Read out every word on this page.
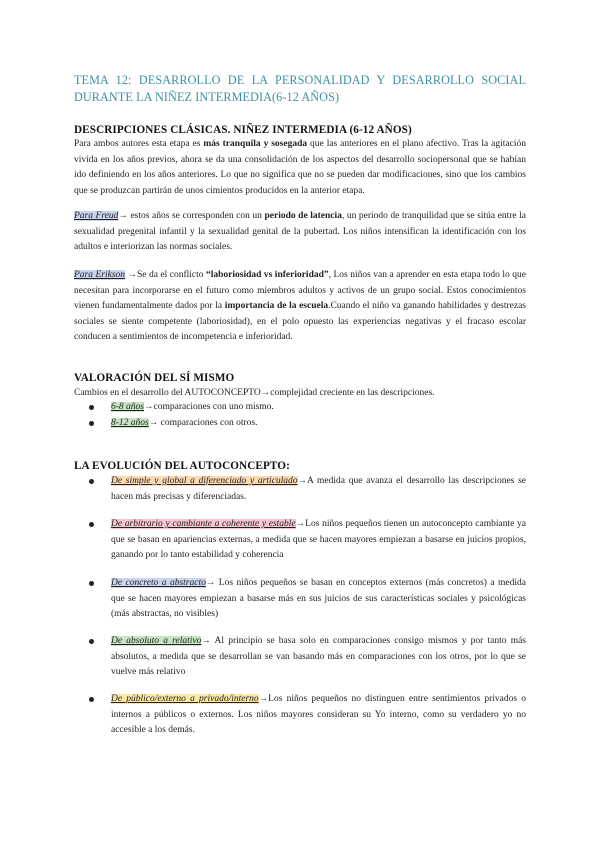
TEMA 12: DESARROLLO DE LA PERSONALIDAD Y DESARROLLO SOCIAL DURANTE LA NIÑEZ INTERMEDIA(6-12 AÑOS)
DESCRIPCIONES CLÁSICAS. NIÑEZ INTERMEDIA (6-12 AÑOS)
Para ambos autores esta etapa es más tranquila y sosegada que las anteriores en el plano afectivo. Tras la agitación vivida en los años previos, ahora se da una consolidación de los aspectos del desarrollo sociopersonal que se habían ido definiendo en los años anteriores. Lo que no significa que no se pueden dar modificaciones, sino que los cambios que se produzcan partirán de unos cimientos producidos en la anterior etapa.
Para Freud→ estos años se corresponden con un periodo de latencia, un periodo de tranquilidad que se sitúa entre la sexualidad pregenital infantil y la sexualidad genital de la pubertad. Los niños intensifican la identificación con los adultos e interiorizan las normas sociales.
Para Erikson →Se da el conflicto “laboriosidad vs inferioridad”, Los niños van a aprender en esta etapa todo lo que necesitan para incorporarse en el futuro como miembros adultos y activos de un grupo social. Estos conocimientos vienen fundamentalmente dados por la importancia de la escuela.Cuando el niño va ganando habilidades y destrezas sociales se siente competente (laboriosidad), en el polo opuesto las experiencias negativas y el fracaso escolar conducen a sentimientos de incompetencia e inferioridad.
VALORACIÓN DEL SÍ MISMO
Cambios en el desarrollo del AUTOCONCEPTO→complejidad creciente en las descripciones.
6-8 años→comparaciones con uno mismo.
8-12 años→ comparaciones con otros.
LA EVOLUCIÓN DEL AUTOCONCEPTO:
De simple y global a diferenciado y articulado→A medida que avanza el desarrollo las descripciones se hacen más precisas y diferenciadas.
De arbitrario y cambiante a coherente y estable→Los niños pequeños tienen un autoconcepto cambiante ya que se basan en apariencias externas, a medida que se hacen mayores empiezan a basarse en juicios propios, ganando por lo tanto estabilidad y coherencia
De concreto a abstracto→ Los niños pequeños se basan en conceptos externos (más concretos) a medida que se hacen mayores empiezan a basarse más en sus juicios de sus características sociales y psicológicas (más abstractas, no visibles)
De absoluto a relativo→ Al principio se basa solo en comparaciones consigo mismos y por tanto más absolutos, a medida que se desarrollan se van basando más en comparaciones con los otros, por lo que se vuelve más relativo
De público/externo a privado/interno→Los niños pequeños no distinguen entre sentimientos privados o internos a públicos o externos. Los niños mayores consideran su Yo interno, como su verdadero yo no accesible a los demás.
